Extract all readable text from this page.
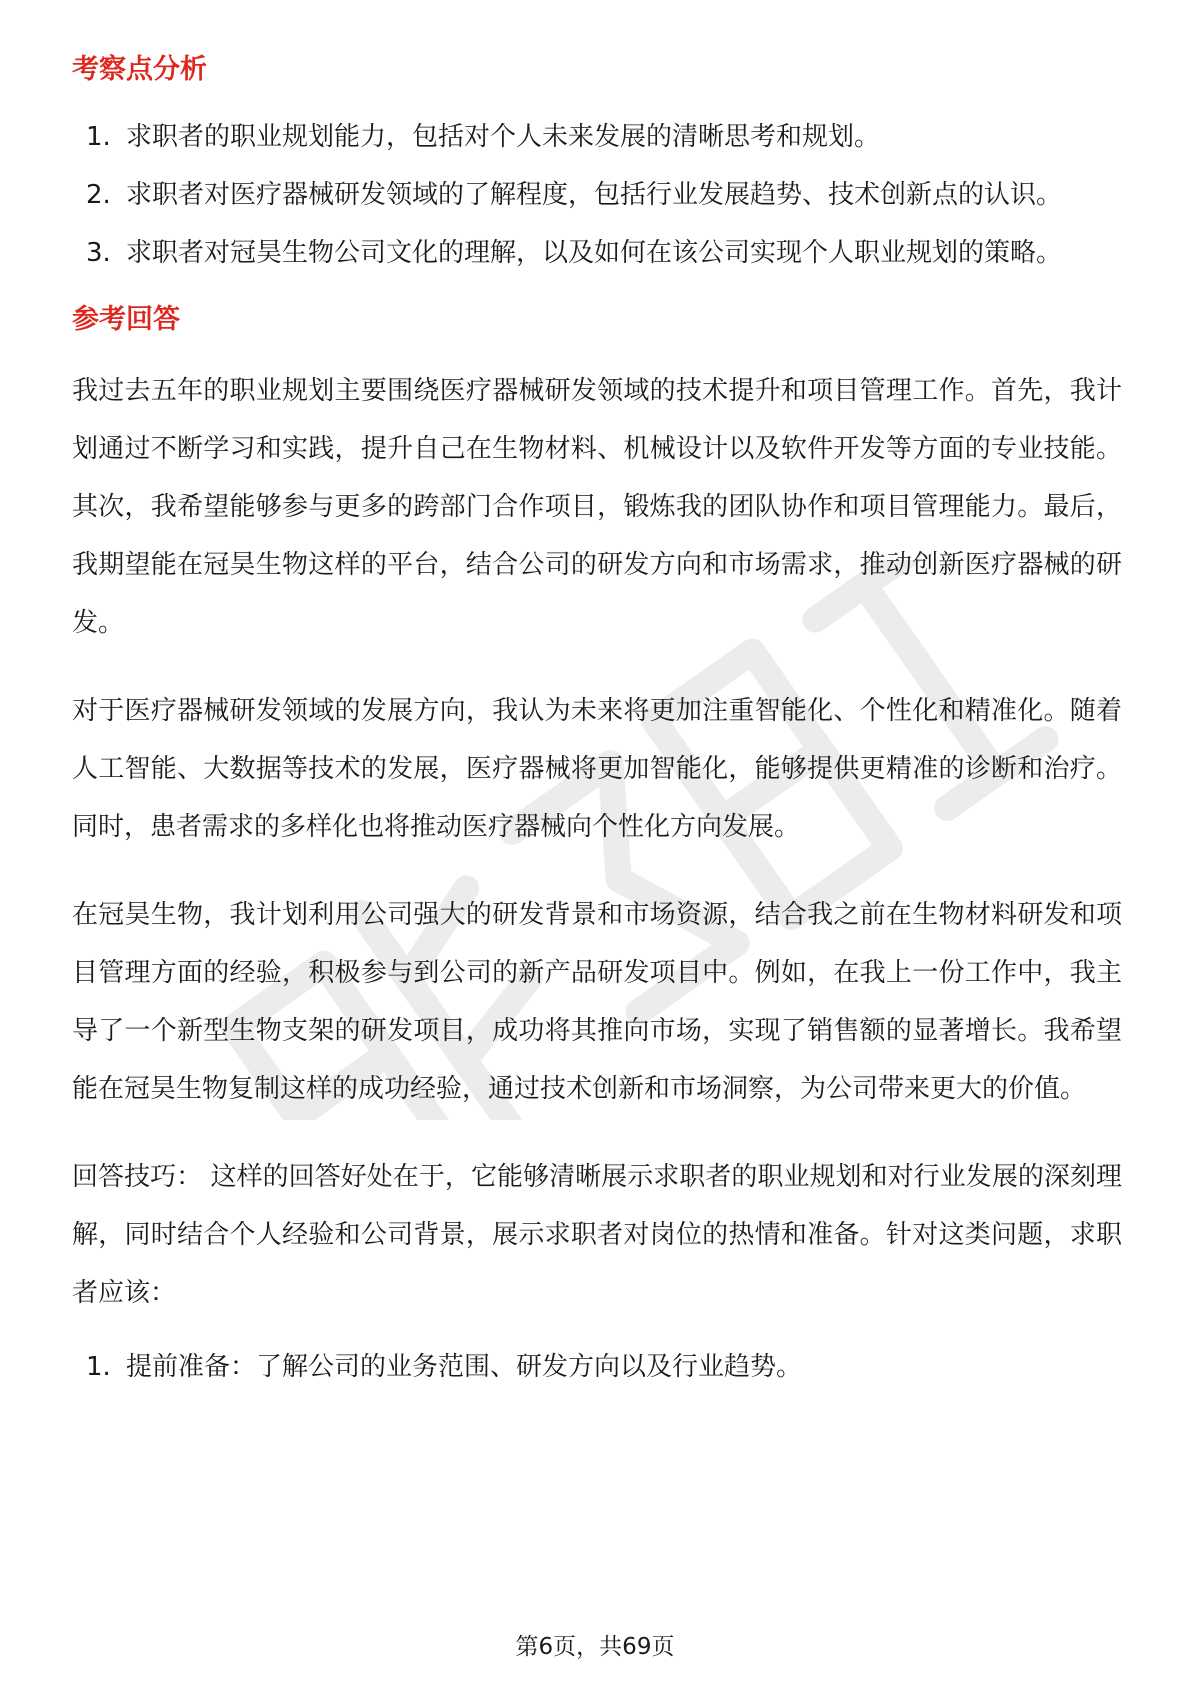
考察点分析
1. 求职者的职业规划能力，包括对个人未来发展的清晰思考和规划。
2. 求职者对医疗器械研发领域的了解程度，包括行业发展趋势、技术创新点的认识。
3. 求职者对冠昊生物公司文化的理解，以及如何在该公司实现个人职业规划的策略。
参考回答

我过去五年的职业规划主要围绕医疗器械研发领域的技术提升和项目管理工作。首先，我计划通过不断学习和实践，提升自己在生物材料、机械设计以及软件开发等方面的专业技能。其次，我希望能够参与更多的跨部门合作项目，锻炼我的团队协作和项目管理能力。最后，我期望能在冠昊生物这样的平台，结合公司的研发方向和市场需求，推动创新医疗器械的研发。

对于医疗器械研发领域的发展方向，我认为未来将更加注重智能化、个性化和精准化。随着人工智能、大数据等技术的发展，医疗器械将更加智能化，能够提供更精准的诊断和治疗。同时，患者需求的多样化也将推动医疗器械向个性化方向发展。

在冠昊生物，我计划利用公司强大的研发背景和市场资源，结合我之前在生物材料研发和项目管理方面的经验，积极参与到公司的新产品研发项目中。例如，在我上一份工作中，我主导了一个新型生物支架的研发项目，成功将其推向市场，实现了销售额的显著增长。我希望能在冠昊生物复制这样的成功经验，通过技术创新和市场洞察，为公司带来更大的价值。

回答技巧： 这样的回答好处在于，它能够清晰展示求职者的职业规划和对行业发展的深刻理解，同时结合个人经验和公司背景，展示求职者对岗位的热情和准备。针对这类问题，求职者应该：

1. 提前准备：了解公司的业务范围、研发方向以及行业趋势。
第6页，共69页
